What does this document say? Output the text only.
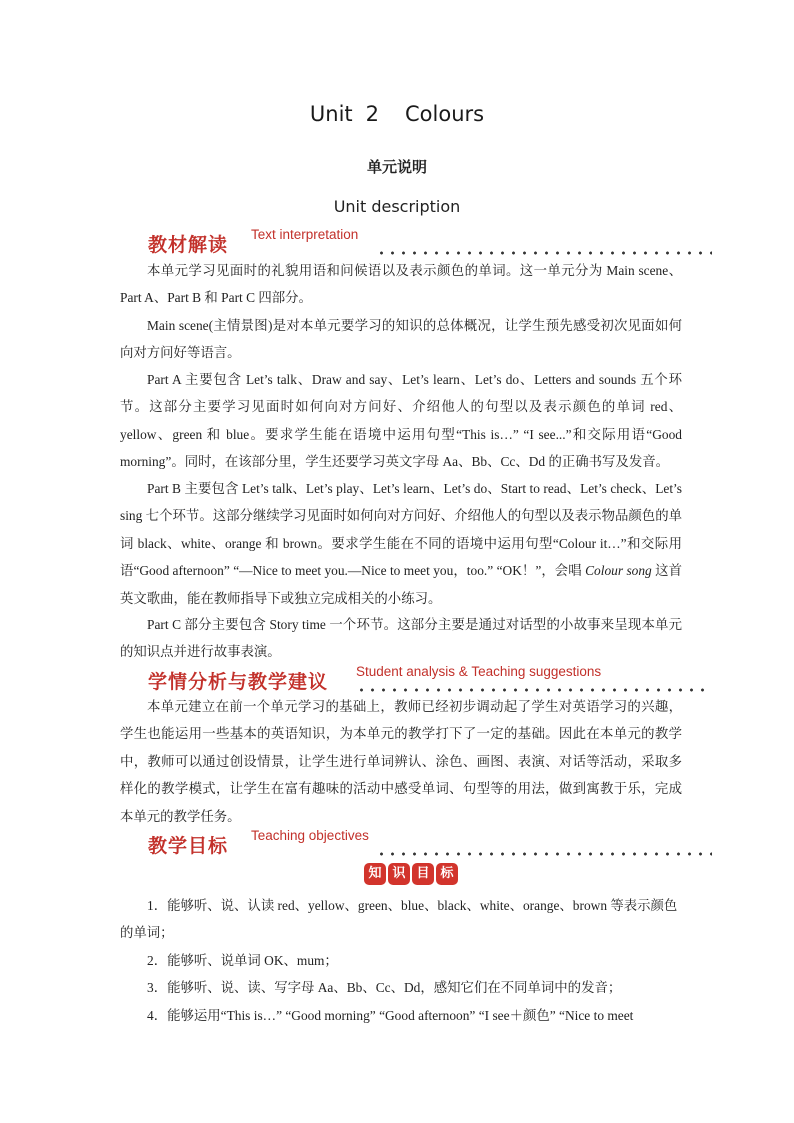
Unit 2 Colours
单元说明
Unit description
教材解读 Text interpretation
本单元学习见面时的礼貌用语和问候语以及表示颜色的单词。这一单元分为 Main scene、Part A、Part B 和 Part C 四部分。
Main scene(主情景图)是对本单元要学习的知识的总体概况，让学生预先感受初次见面如何向对方问好等语言。
Part A 主要包含 Let’s talk、Draw and say、Let’s learn、Let’s do、Letters and sounds 五个环节。这部分主要学习见面时如何向对方问好、介绍他人的句型以及表示颜色的单词 red、yellow、green 和 blue。要求学生能在语境中运用句型“This is…” “I see...”和交际用语“Good morning”。同时，在该部分里，学生还要学习英文字母 Aa、Bb、Cc、Dd 的正确书写及发音。
Part B 主要包含 Let’s talk、Let’s play、Let’s learn、Let’s do、Start to read、Let’s check、Let’s sing 七个环节。这部分继续学习见面时如何向对方问好、介绍他人的句型以及表示物品颜色的单词 black、white、orange 和 brown。要求学生能在不同的语境中运用句型“Colour it…”和交际用语“Good afternoon” “—Nice to meet you.—Nice to meet you，too.” “OK！”，会唱 Colour song 这首英文歌曲，能在教师指导下或独立完成相关的小练习。
Part C 部分主要包含 Story time 一个环节。这部分主要是通过对话型的小故事来呈现本单元的知识点并进行故事表演。
学情分析与教学建议 Student analysis & Teaching suggestions
本单元建立在前一个单元学习的基础上，教师已经初步调动起了学生对英语学习的兴趣，学生也能运用一些基本的英语知识，为本单元的教学打下了一定的基础。因此在本单元的教学中，教师可以通过创设情景，让学生进行单词辨认、涂色、画图、表演、对话等活动，采取多样化的教学模式，让学生在富有趣味的活动中感受单词、句型等的用法，做到寓教于乐，完成本单元的教学任务。
教学目标 Teaching objectives
知 识 目 标
1．能够听、说、认读 red、yellow、green、blue、black、white、orange、brown 等表示颜色的单词；
2．能够听、说单词 OK、mum；
3．能够听、说、读、写字母 Aa、Bb、Cc、Dd，感知它们在不同单词中的发音；
4．能够运用“This is…” “Good morning” “Good afternoon” “I see＋颜色” “Nice to meet
